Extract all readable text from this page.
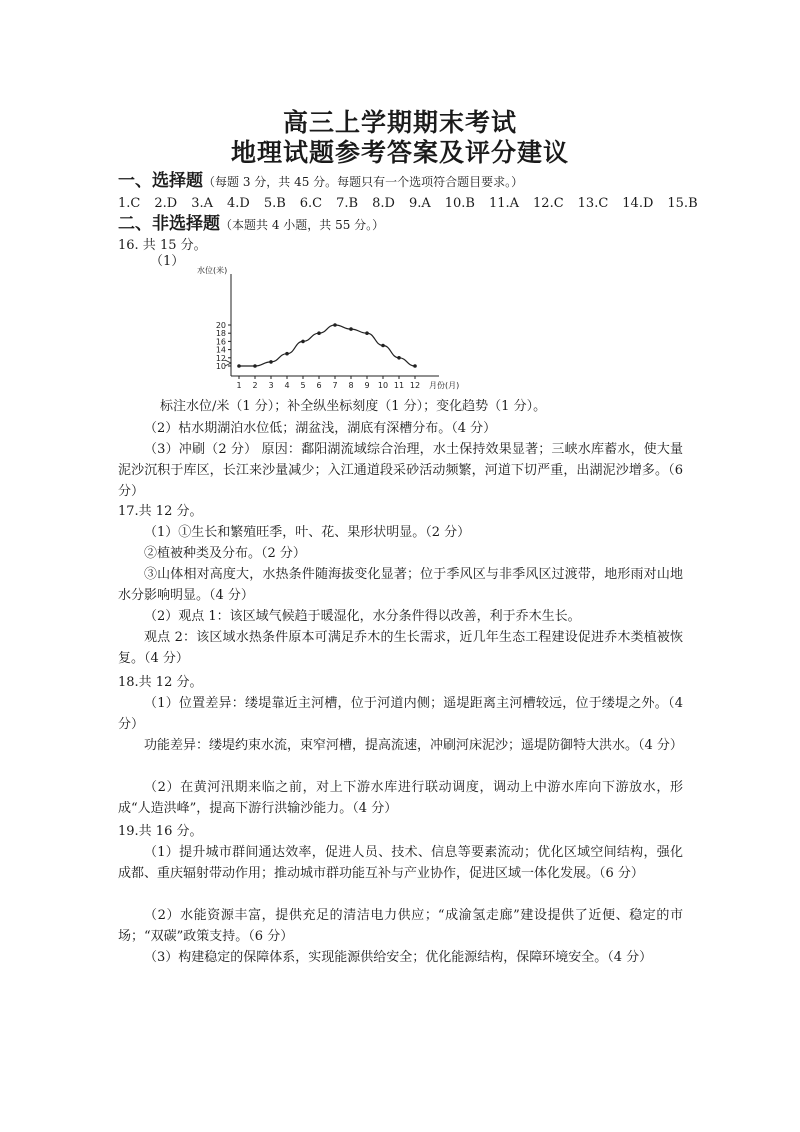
高三上学期期末考试
地理试题参考答案及评分建议
一、选择题（每题 3 分，共 45 分。每题只有一个选项符合题目要求。）
1.C 2.D 3.A 4.D 5.B 6.C 7.B 8.D 9.A 10.B 11.A 12.C 13.C 14.D 15.B
二、非选择题（本题共 4 小题，共 55 分。）
16. 共 15 分。
（1）
水位(米)
10
12
14
16
18
20
1 2 3 4 5 6 7 8 9 10 11 12 月份(月)
标注水位/米（1 分）；补全纵坐标刻度（1 分）；变化趋势（1 分）。
（2）枯水期湖泊水位低；湖盆浅，湖底有深槽分布。（4 分）
（3）冲刷（2 分） 原因：鄱阳湖流域综合治理，水土保持效果显著；三峡水库蓄水，使大量泥沙沉积于库区，长江来沙量减少；入江通道段采砂活动频繁，河道下切严重，出湖泥沙增多。（6 分）
17.共 12 分。
（1）①生长和繁殖旺季，叶、花、果形状明显。（2 分）
②植被种类及分布。（2 分）
③山体相对高度大，水热条件随海拔变化显著；位于季风区与非季风区过渡带，地形雨对山地水分影响明显。（4 分）
（2）观点 1：该区域气候趋于暖湿化，水分条件得以改善，利于乔木生长。
观点 2：该区域水热条件原本可满足乔木的生长需求，近几年生态工程建设促进乔木类植被恢复。（4 分）
18.共 12 分。
（1）位置差异：缕堤靠近主河槽，位于河道内侧；遥堤距离主河槽较远，位于缕堤之外。（4 分）
功能差异：缕堤约束水流，束窄河槽，提高流速，冲刷河床泥沙；遥堤防御特大洪水。（4 分）
（2）在黄河汛期来临之前，对上下游水库进行联动调度，调动上中游水库向下游放水，形成“人造洪峰”，提高下游行洪输沙能力。（4 分）
19.共 16 分。
（1）提升城市群间通达效率，促进人员、技术、信息等要素流动；优化区域空间结构，强化成都、重庆辐射带动作用；推动城市群功能互补与产业协作，促进区域一体化发展。（6 分）
（2）水能资源丰富，提供充足的清洁电力供应；“成渝氢走廊”建设提供了近便、稳定的市场；“双碳”政策支持。（6 分）
（3）构建稳定的保障体系，实现能源供给安全；优化能源结构，保障环境安全。（4 分）
